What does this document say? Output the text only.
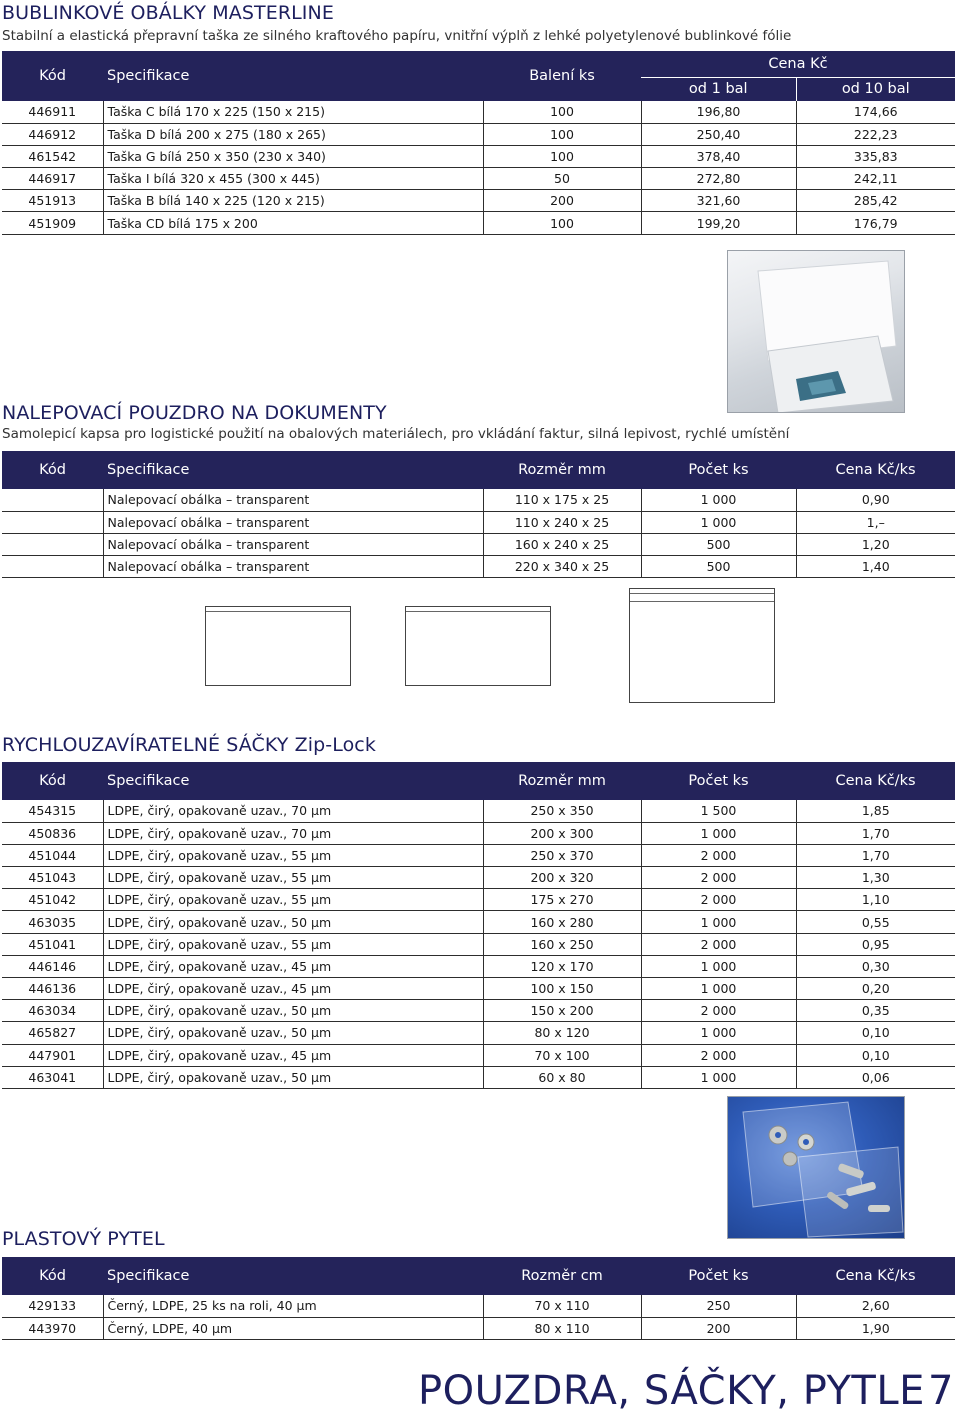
BUBLINKOVÉ OBÁLKY MASTERLINE
Stabilní a elastická přepravní taška ze silného kraftového papíru, vnitřní výplň z lehké polyetylenové bublinkové fólie
Kód	Specifikace	Balení ks	Cena Kč	
			od 1 bal	od 10 bal
446911	Taška C bílá 170 x 225 (150 x 215)	100	196,80	174,66
446912	Taška D bílá 200 x 275 (180 x 265)	100	250,40	222,23
461542	Taška G bílá 250 x 350 (230 x 340)	100	378,40	335,83
446917	Taška I bílá 320 x 455 (300 x 445)	50	272,80	242,11
451913	Taška B bílá 140 x 225 (120 x 215)	200	321,60	285,42
451909	Taška CD bílá 175 x 200	100	199,20	176,79
NALEPOVACÍ POUZDRO NA DOKUMENTY
Samolepicí kapsa pro logistické použití na obalových materiálech, pro vkládání faktur, silná lepivost, rychlé umístění
Kód	Specifikace	Rozměr mm	Počet ks	Cena Kč/ks
	Nalepovací obálka – transparent	110 x 175 x 25	1 000	0,90
	Nalepovací obálka – transparent	110 x 240 x 25	1 000	1,–
	Nalepovací obálka – transparent	160 x 240 x 25	500	1,20
	Nalepovací obálka – transparent	220 x 340 x 25	500	1,40
RYCHLOUZAVÍRATELNÉ SÁČKY Zip-Lock
Kód	Specifikace	Rozměr mm	Počet ks	Cena Kč/ks
454315	LDPE, čirý, opakovaně uzav., 70 µm	250 x 350	1 500	1,85
450836	LDPE, čirý, opakovaně uzav., 70 µm	200 x 300	1 000	1,70
451044	LDPE, čirý, opakovaně uzav., 55 µm	250 x 370	2 000	1,70
451043	LDPE, čirý, opakovaně uzav., 55 µm	200 x 320	2 000	1,30
451042	LDPE, čirý, opakovaně uzav., 55 µm	175 x 270	2 000	1,10
463035	LDPE, čirý, opakovaně uzav., 50 µm	160 x 280	1 000	0,55
451041	LDPE, čirý, opakovaně uzav., 55 µm	160 x 250	2 000	0,95
446146	LDPE, čirý, opakovaně uzav., 45 µm	120 x 170	1 000	0,30
446136	LDPE, čirý, opakovaně uzav., 45 µm	100 x 150	1 000	0,20
463034	LDPE, čirý, opakovaně uzav., 50 µm	150 x 200	2 000	0,35
465827	LDPE, čirý, opakovaně uzav., 50 µm	80 x 120	1 000	0,10
447901	LDPE, čirý, opakovaně uzav., 45 µm	70 x 100	2 000	0,10
463041	LDPE, čirý, opakovaně uzav., 50 µm	60 x 80	1 000	0,06
PLASTOVÝ PYTEL
Kód	Specifikace	Rozměr cm	Počet ks	Cena Kč/ks
429133	Černý, LDPE, 25 ks na roli, 40 µm	70 x 110	250	2,60
443970	Černý, LDPE, 40 µm	80 x 110	200	1,90
POUZDRA, SÁČKY, PYTLE 7
